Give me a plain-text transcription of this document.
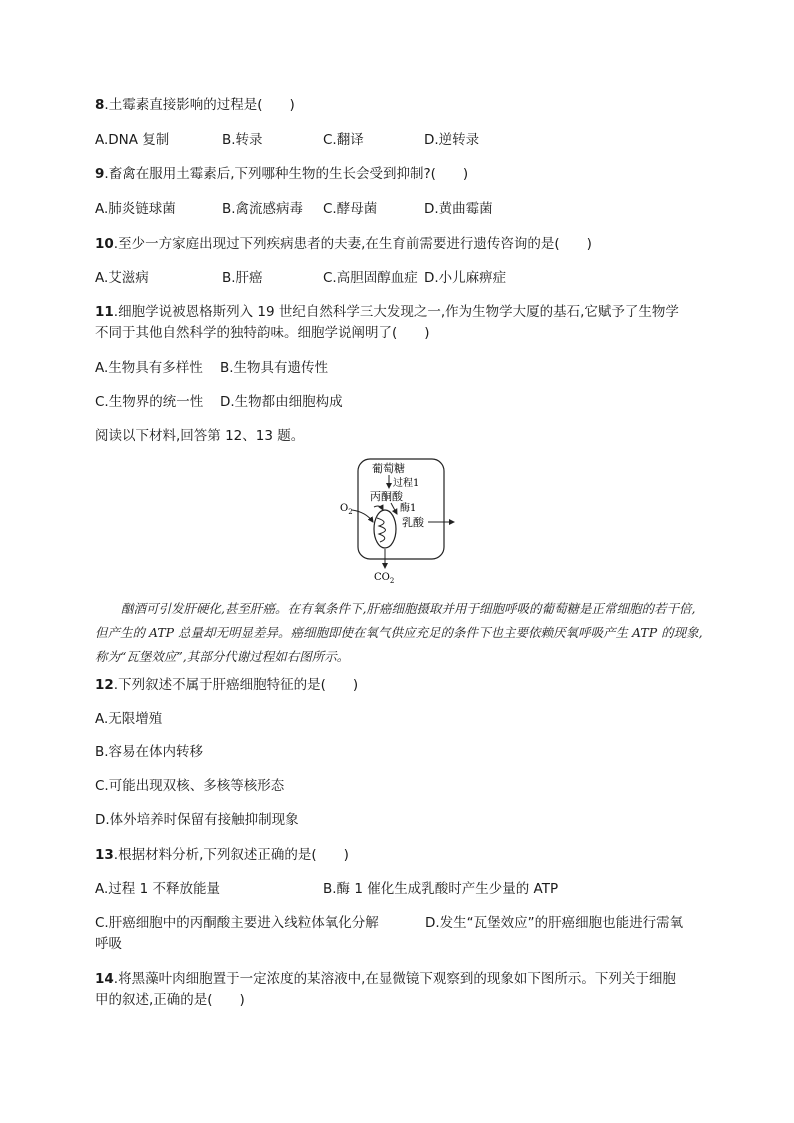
8.土霉素直接影响的过程是(　　)
A.DNA 复制	B.转录	C.翻译	D.逆转录
9.畜禽在服用土霉素后,下列哪种生物的生长会受到抑制?(　　)
A.肺炎链球菌	B.禽流感病毒 C.酵母菌	D.黄曲霉菌
10.至少一方家庭出现过下列疾病患者的夫妻,在生育前需要进行遗传咨询的是(　　)
A.艾滋病	B.肝癌	C.高胆固醇血症 D.小儿麻痹症
11.细胞学说被恩格斯列入 19 世纪自然科学三大发现之一,作为生物学大厦的基石,它赋予了生物学
不同于其他自然科学的独特韵味。细胞学说阐明了(　　)
A.生物具有多样性 B.生物具有遗传性
C.生物界的统一性 D.生物都由细胞构成
阅读以下材料,回答第 12、13 题。
葡萄糖
过程1
丙酮酸
酶1
乳酸
$O_2$
$CO_2$
酗酒可引发肝硬化,甚至肝癌。在有氧条件下,肝癌细胞摄取并用于细胞呼吸的葡萄糖是正常细胞的若干倍,但产生的 ATP 总量却无明显差异。癌细胞即使在氧气供应充足的条件下也主要依赖厌氧呼吸产生 ATP 的现象,称为“瓦堡效应”,其部分代谢过程如右图所示。
12.下列叙述不属于肝癌细胞特征的是(　　)
A.无限增殖
B.容易在体内转移
C.可能出现双核、多核等核形态
D.体外培养时保留有接触抑制现象
13.根据材料分析,下列叙述正确的是(　　)
A.过程 1 不释放能量	B.酶 1 催化生成乳酸时产生少量的 ATP
C.肝癌细胞中的丙酮酸主要进入线粒体氧化分解	D.发生“瓦堡效应”的肝癌细胞也能进行需氧
呼吸
14.将黑藻叶肉细胞置于一定浓度的某溶液中,在显微镜下观察到的现象如下图所示。下列关于细胞
甲的叙述,正确的是(　　)
